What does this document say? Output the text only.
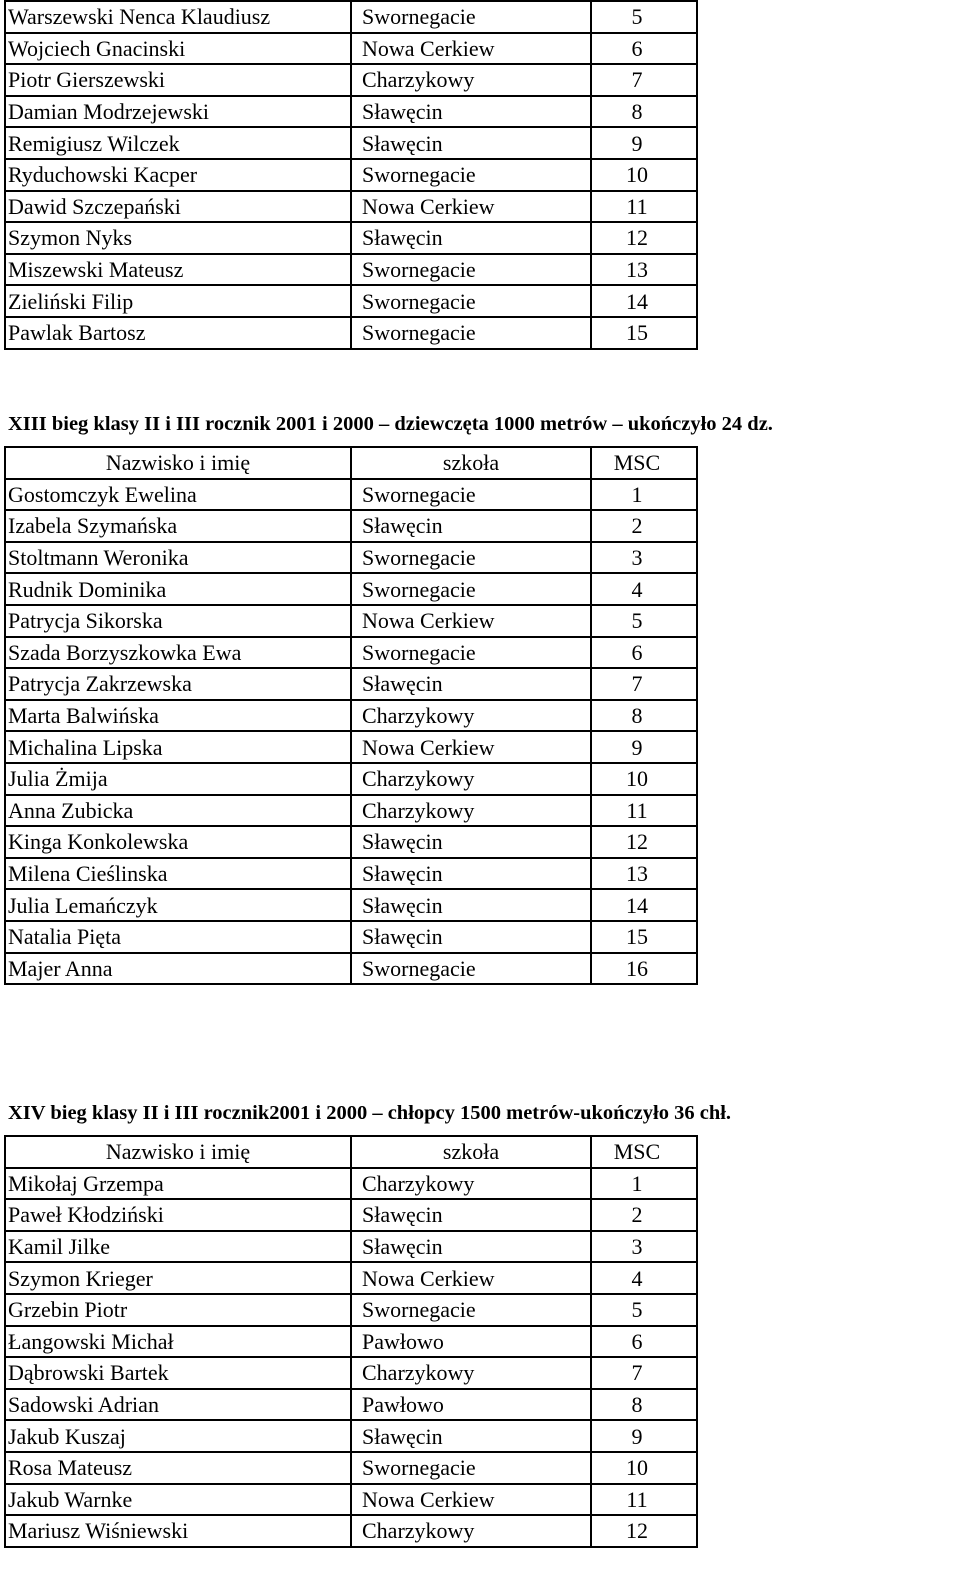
Warszewski Nenca Klaudiusz	Swornegacie	5
Wojciech Gnacinski	Nowa Cerkiew	6
Piotr Gierszewski	Charzykowy	7
Damian Modrzejewski	Sławęcin	8
Remigiusz Wilczek	Sławęcin	9
Ryduchowski Kacper	Swornegacie	10
Dawid Szczepański	Nowa Cerkiew	11
Szymon Nyks	Sławęcin	12
Miszewski Mateusz	Swornegacie	13
Zieliński Filip	Swornegacie	14
Pawlak Bartosz	Swornegacie	15
XIII bieg klasy II i III rocznik 2001 i 2000 – dziewczęta 1000 metrów – ukończyło 24 dz.
Nazwisko i imię	szkoła	MSC
Gostomczyk Ewelina	Swornegacie	1
Izabela Szymańska	Sławęcin	2
Stoltmann Weronika	Swornegacie	3
Rudnik Dominika	Swornegacie	4
Patrycja Sikorska	Nowa Cerkiew	5
Szada Borzyszkowka Ewa	Swornegacie	6
Patrycja Zakrzewska	Sławęcin	7
Marta Balwińska	Charzykowy	8
Michalina Lipska	Nowa Cerkiew	9
Julia Żmija	Charzykowy	10
Anna Zubicka	Charzykowy	11
Kinga Konkolewska	Sławęcin	12
Milena Cieślinska	Sławęcin	13
Julia Lemańczyk	Sławęcin	14
Natalia Pięta	Sławęcin	15
Majer Anna	Swornegacie	16
XIV bieg klasy II i III rocznik2001 i 2000 – chłopcy 1500 metrów-ukończyło 36 chł.
Nazwisko i imię	szkoła	MSC
Mikołaj Grzempa	Charzykowy	1
Paweł Kłodziński	Sławęcin	2
Kamil Jilke	Sławęcin	3
Szymon Krieger	Nowa Cerkiew	4
Grzebin Piotr	Swornegacie	5
Łangowski Michał	Pawłowo	6
Dąbrowski Bartek	Charzykowy	7
Sadowski Adrian	Pawłowo	8
Jakub Kuszaj	Sławęcin	9
Rosa Mateusz	Swornegacie	10
Jakub Warnke	Nowa Cerkiew	11
Mariusz Wiśniewski	Charzykowy	12
